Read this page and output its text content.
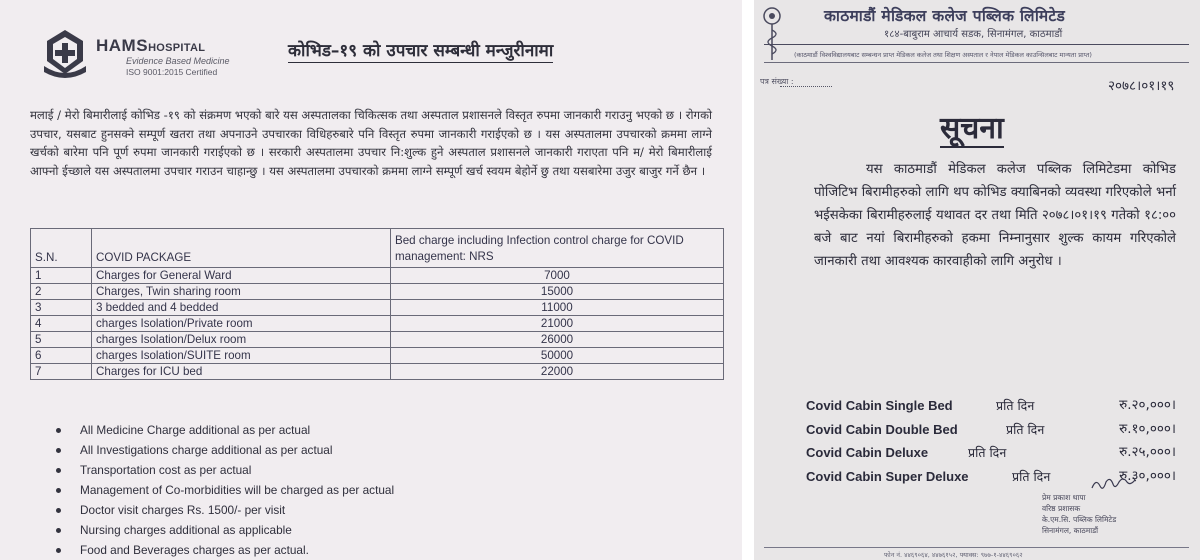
HAMSHOSPITAL
Evidence Based Medicine
ISO 9001:2015 Certified
कोभिड–१९ को उपचार सम्बन्धी मन्जुरीनामा
मलाई / मेरो बिमारीलाई कोभिड -१९ को संक्रमण भएको बारे यस अस्पतालका चिकित्सक तथा अस्पताल प्रशासनले विस्तृत रुपमा जानकारी गराउनु भएको छ । रोगको उपचार, यसबाट हुनसक्ने सम्पूर्ण खतरा तथा अपनाउने उपचारका विधिहरुबारे पनि विस्तृत रुपमा जानकारी गराईएको छ । यस अस्पतालमा उपचारको क्रममा लाग्ने खर्चको बारेमा पनि पूर्ण रुपमा जानकारी गराईएको छ । सरकारी अस्पतालमा उपचार नि:शुल्क हुने अस्पताल प्रशासनले जानकारी गराएता पनि म/ मेरो बिमारीलाई आफ्नो ईच्छाले यस अस्पतालमा उपचार गराउन चाहान्छु । यस अस्पतालमा उपचारको क्रममा लाग्ने सम्पूर्ण खर्च स्वयम बेहोर्ने छु तथा यसबारेमा उजुर बाजुर गर्ने छैन ।
S.N.	COVID PACKAGE	Bed charge including Infection control charge for COVID management: NRS
1	Charges for General Ward	7000
2	Charges, Twin sharing room	15000
3	3 bedded and 4 bedded	11000
4	charges Isolation/Private room	21000
5	charges Isolation/Delux room	26000
6	charges Isolation/SUITE room	50000
7	Charges for ICU bed	22000
All Medicine Charge additional as per actual
All Investigations charge additional as per actual
Transportation cost as per actual
Management of Co-morbidities will be charged as per actual
Doctor visit charges Rs. 1500/- per visit
Nursing charges additional as applicable
Food and Beverages charges as per actual.
काठमाडौं मेडिकल कलेज पब्लिक लिमिटेड
१८४-बाबुराम आचार्य सडक, सिनामंगल, काठमाडौं
(काठमाडौं विश्वविद्यालयबाट सम्बन्धन प्राप्त मेडिकल कलेज तथा शिक्षण अस्पताल र नेपाल मेडिकल काउन्सिलबाट मान्यता प्राप्त)
पत्र संख्या :	२०७८।०१।१९
सूचना
यस काठमाडौं मेडिकल कलेज पब्लिक लिमिटेडमा कोभिड पोजिटिभ बिरामीहरुको लागि थप कोभिड क्याबिनको व्यवस्था गरिएकोले भर्ना भईसकेका बिरामीहरुलाई यथावत दर तथा मिति २०७८।०१।१९ गतेको १८:०० बजे बाट नयां बिरामीहरुको हकमा निम्नानुसार शुल्क कायम गरिएकोले जानकारी तथा आवश्यक कारवाहीको लागि अनुरोध ।
Covid Cabin Single Bed	प्रति दिन	रु.२०,०००।
Covid Cabin Double Bed	प्रति दिन	रु.१०,०००।
Covid Cabin Deluxe	प्रति दिन	रु.२५,०००।
Covid Cabin Super Deluxe	प्रति दिन	रु.३०,०००।
प्रेम प्रकाश थापा
वरिष्ठ प्रशासक
के.एम.सि. पब्लिक लिमिटेड
सिनामंगल, काठमाडौं
फोन नं. ४४६९०६४, ४४७६१५२, फ्याक्स: ९७७-१-४४६९०६२
